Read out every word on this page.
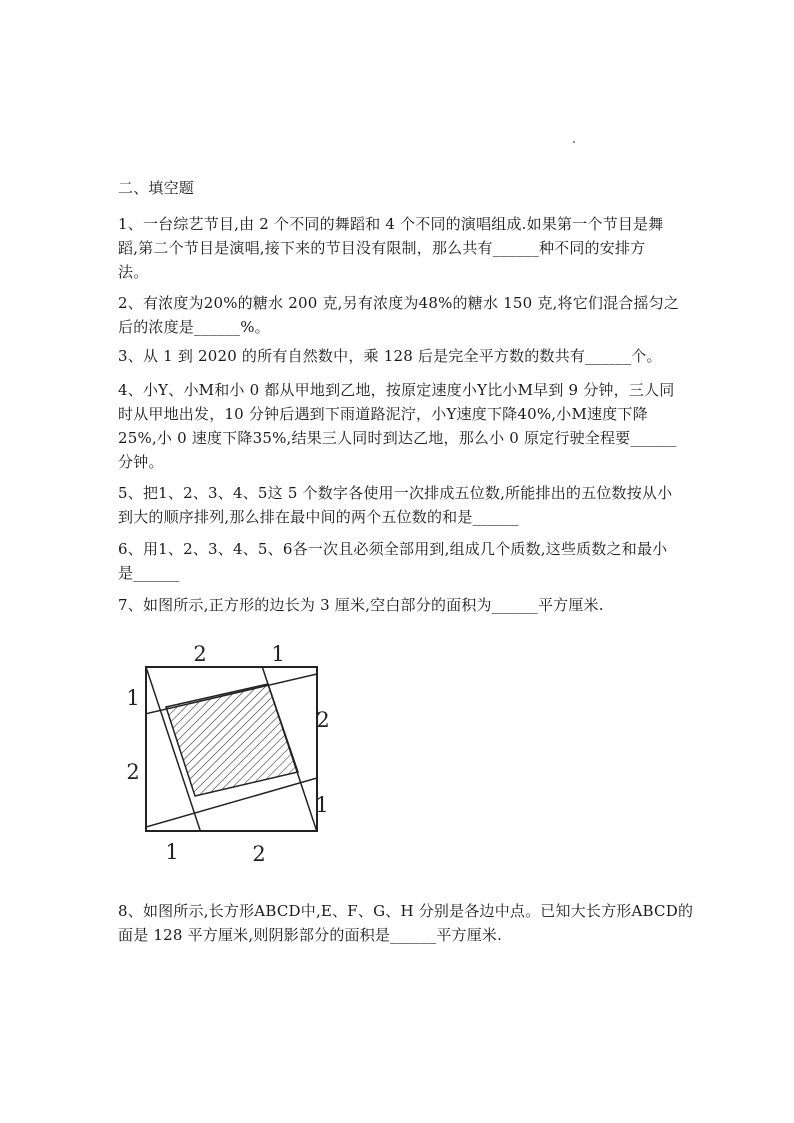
二、填空题
1、一台综艺节目,由 2 个不同的舞蹈和 4 个不同的演唱组成.如果第一个节目是舞
蹈,第二个节目是演唱,接下来的节目没有限制，那么共有______种不同的安排方
法。
2、有浓度为20%的糖水 200 克,另有浓度为48%的糖水 150 克,将它们混合摇匀之
后的浓度是______%。
3、从 1 到 2020 的所有自然数中，乘 128 后是完全平方数的数共有______个。
4、小Y、小M和小 0 都从甲地到乙地，按原定速度小Y比小M早到 9 分钟，三人同
时从甲地出发，10 分钟后遇到下雨道路泥泞，小Y速度下降40%,小M速度下降
25%,小 0 速度下降35%,结果三人同时到达乙地，那么小 0 原定行驶全程要______
分钟。
5、把1、2、3、4、5这 5 个数字各使用一次排成五位数,所能排出的五位数按从小
到大的顺序排列,那么排在最中间的两个五位数的和是______
6、用1、2、3、4、5、6各一次且必须全部用到,组成几个质数,这些质数之和最小
是______
7、如图所示,正方形的边长为 3 厘米,空白部分的面积为______平方厘米.
2	1
1
2
2
1
1	2
8、如图所示,长方形ABCD中,E、F、G、H 分别是各边中点。已知大长方形ABCD的
面是 128 平方厘米,则阴影部分的面积是______平方厘米.
